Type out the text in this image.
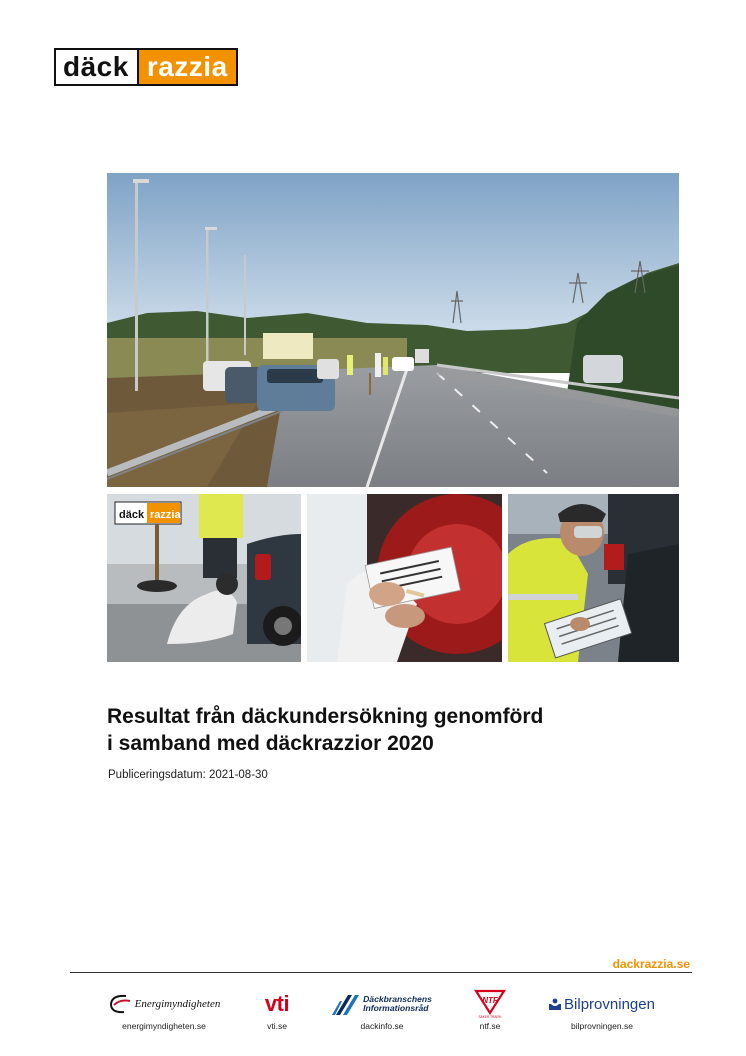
däck razzia
däck razzia
Resultat från däckundersökning genomförd
i samband med däckrazzior 2020
Publiceringsdatum: 2021-08-30
dackrazzia.se
Energimyndigheten
energimyndigheten.se
vti
vti.se
Däckbranschens
Informationsråd
dackinfo.se
NTF
SÄKER TRAFIK
ntf.se
Bilprovningen
bilprovningen.se
